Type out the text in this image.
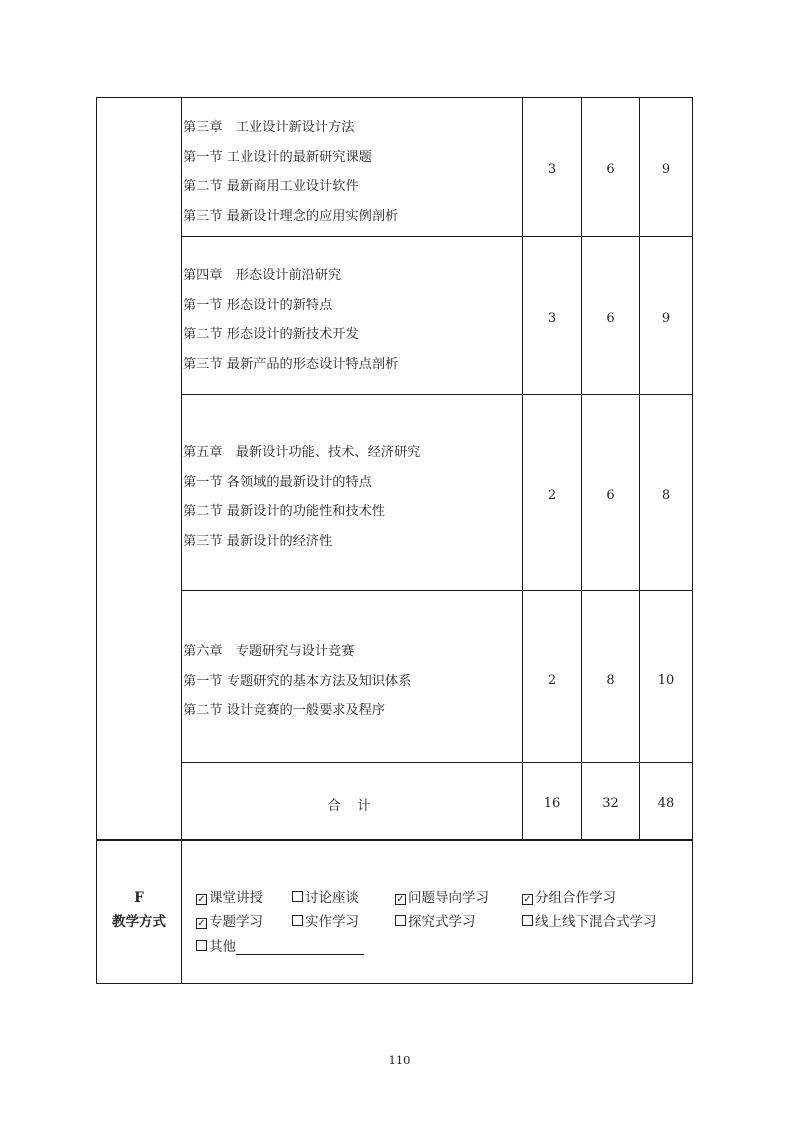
第三章　工业设计新设计方法
第一节 工业设计的最新研究课题
第二节 最新商用工业设计软件
第三节 最新设计理念的应用实例剖析
3	6	9
第四章　形态设计前沿研究
第一节 形态设计的新特点
第二节 形态设计的新技术开发
第三节 最新产品的形态设计特点剖析
3	6	9
第五章　最新设计功能、技术、经济研究
第一节 各领域的最新设计的特点
第二节 最新设计的功能性和技术性
第三节 最新设计的经济性
2	6	8
第六章　专题研究与设计竞赛
第一节 专题研究的基本方法及知识体系
第二节 设计竞赛的一般要求及程序
2	8	10
合 计	16	32	48
F
教学方式
✓ 课堂讲授	讨论座谈	✓ 问题导向学习	✓ 分组合作学习
✓ 专题学习	实作学习	探究式学习	线上线下混合式学习
其他
110
